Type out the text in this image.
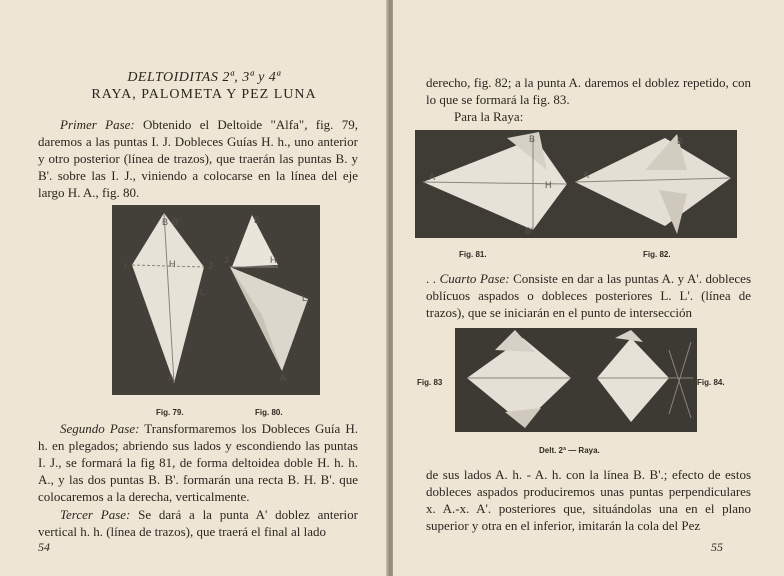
DELTOIDITAS 2ª, 3ª y 4ª
RAYA, PALOMETA Y PEZ LUNA

Primer Pase: Obtenido el Deltoide "Alfa", fig. 79, daremos a las puntas I. J. Dobleces Guías H. h., uno anterior y otro posterior (línea de trazos), que traerán las puntas B. y B'. sobre las I. J., viniendo a colocarse en la línea del eje largo H. A., fig. 80.

B B'
I	H	J
L
A
B
J	H
L
A
Fig. 79.	Fig. 80.

Segundo Pase: Transformaremos los Dobleces Guía H. h. en plegados; abriendo sus lados y escondiendo las puntas I. J., se formará la fig 81, de forma deltoidea doble H. h. h. A., y las dos puntas B. B'. formarán una recta B. H. B'. que colocaremos a la derecha, verticalmente.

Tercer Pase: Se dará a la punta A' doblez anterior vertical h. h. (línea de trazos), que traerá el final al lado

54

derecho, fig. 82; a la punta A. daremos el doblez repetido, con lo que se formará la fig. 83.

Para la Raya:

A
B
H
B'
A
B
Fig. 81.	Fig. 82.

. . Cuarto Pase: Consiste en dar a las puntas A. y A'. dobleces oblícuos aspados o dobleces posteriores L. L'. (línea de trazos), que se iniciarán en el punto de intersección

Fig. 83	Fig. 84.
Delt. 2ª — Raya.

de sus lados A. h. - A. h. con la línea B. B'.; efecto de estos dobleces aspados produciremos unas puntas perpendiculares x. A.-x. A'. posteriores que, situándolas una en el plano superior y otra en el inferior, imitarán la cola del Pez

55
